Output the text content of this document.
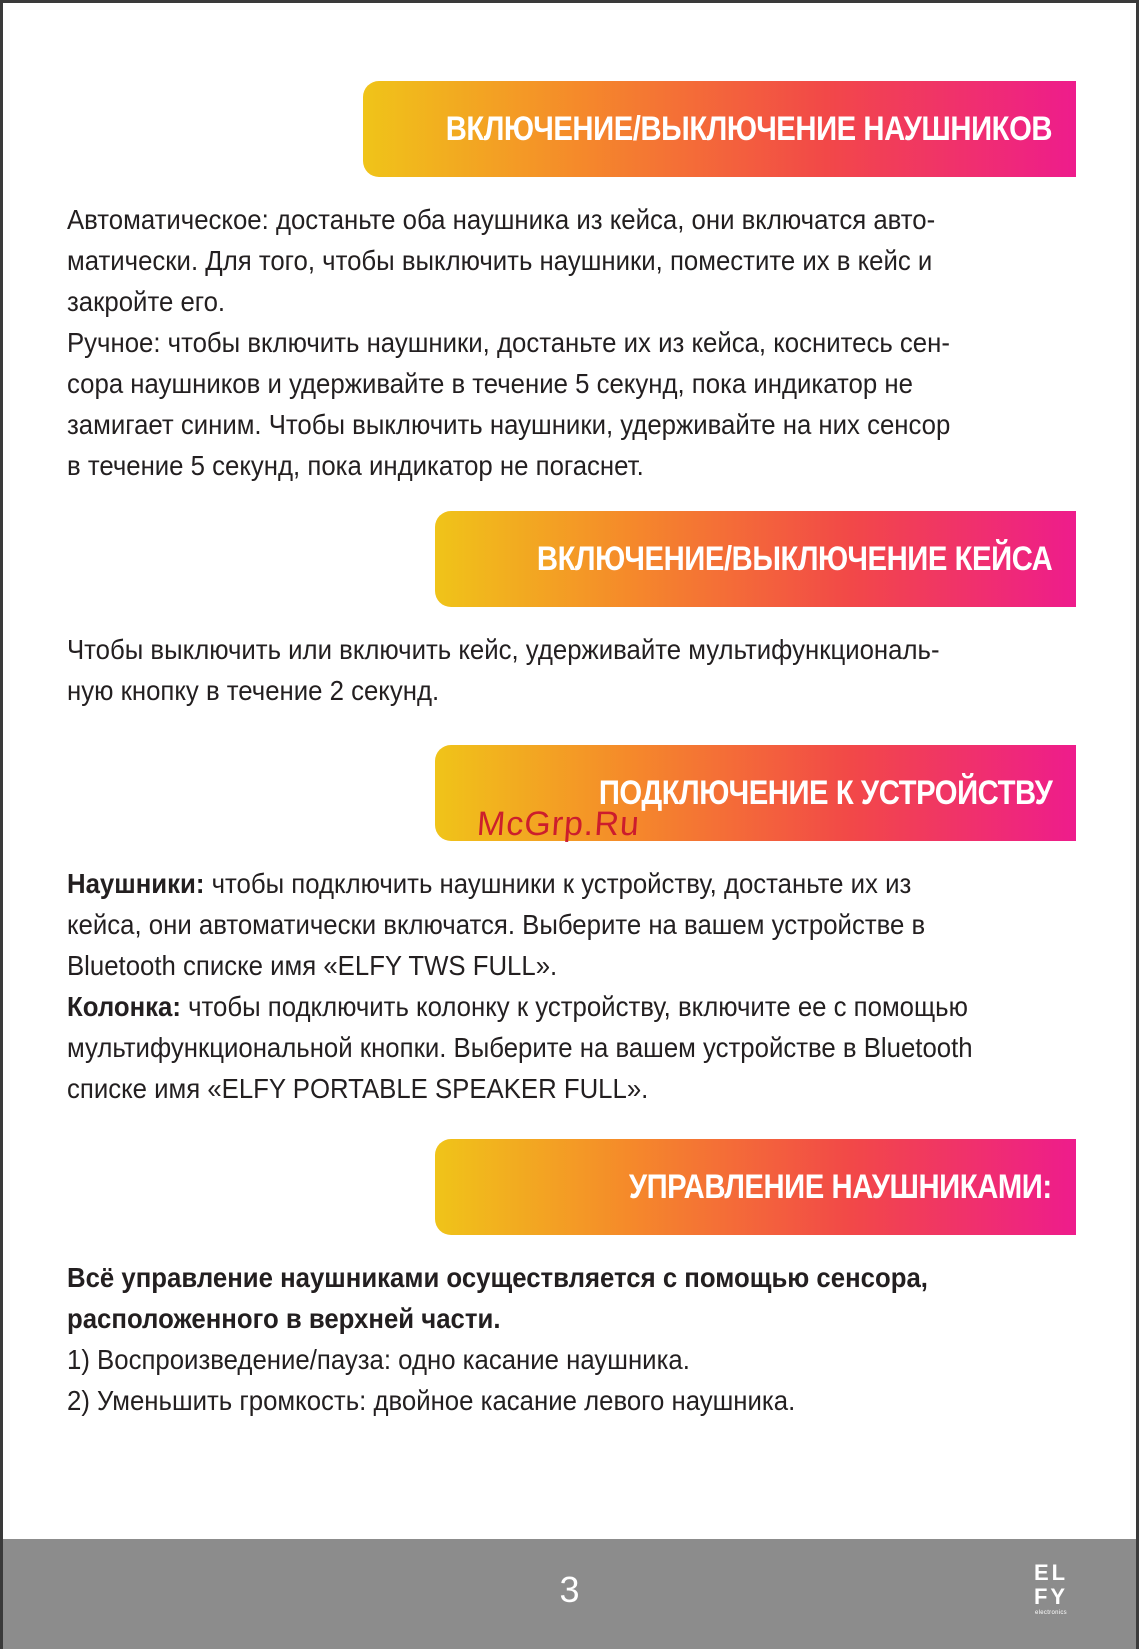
ВКЛЮЧЕНИЕ/ВЫКЛЮЧЕНИЕ НАУШНИКОВ

Автоматическое: достаньте оба наушника из кейса, они включатся авто-

матически. Для того, чтобы выключить наушники, поместите их в кейс и

закройте его.

Ручное: чтобы включить наушники, достаньте их из кейса, коснитесь сен-

сора наушников и удерживайте в течение 5 секунд, пока индикатор не

замигает синим. Чтобы выключить наушники, удерживайте на них сенсор

в течение 5 секунд, пока индикатор не погаснет.

ВКЛЮЧЕНИЕ/ВЫКЛЮЧЕНИЕ КЕЙСА

Чтобы выключить или включить кейс, удерживайте мультифункциональ-

ную кнопку в течение 2 секунд.

ПОДКЛЮЧЕНИЕ К УСТРОЙСТВУ
McGrp.Ru

Наушники: чтобы подключить наушники к устройству, достаньте их из

кейса, они автоматически включатся. Выберите на вашем устройстве в

Bluetooth списке имя «ELFY TWS FULL».

Колонка: чтобы подключить колонку к устройству, включите ее с помощью

мультифункциональной кнопки. Выберите на вашем устройстве в Bluetooth

списке имя «ELFY PORTABLE SPEAKER FULL».

УПРАВЛЕНИЕ НАУШНИКАМИ:

Всё управление наушниками осуществляется с помощью сенсора,

расположенного в верхней части.

1) Воспроизведение/пауза: одно касание наушника.

2) Уменьшить громкость: двойное касание левого наушника.

3	EL
FY
electronics
